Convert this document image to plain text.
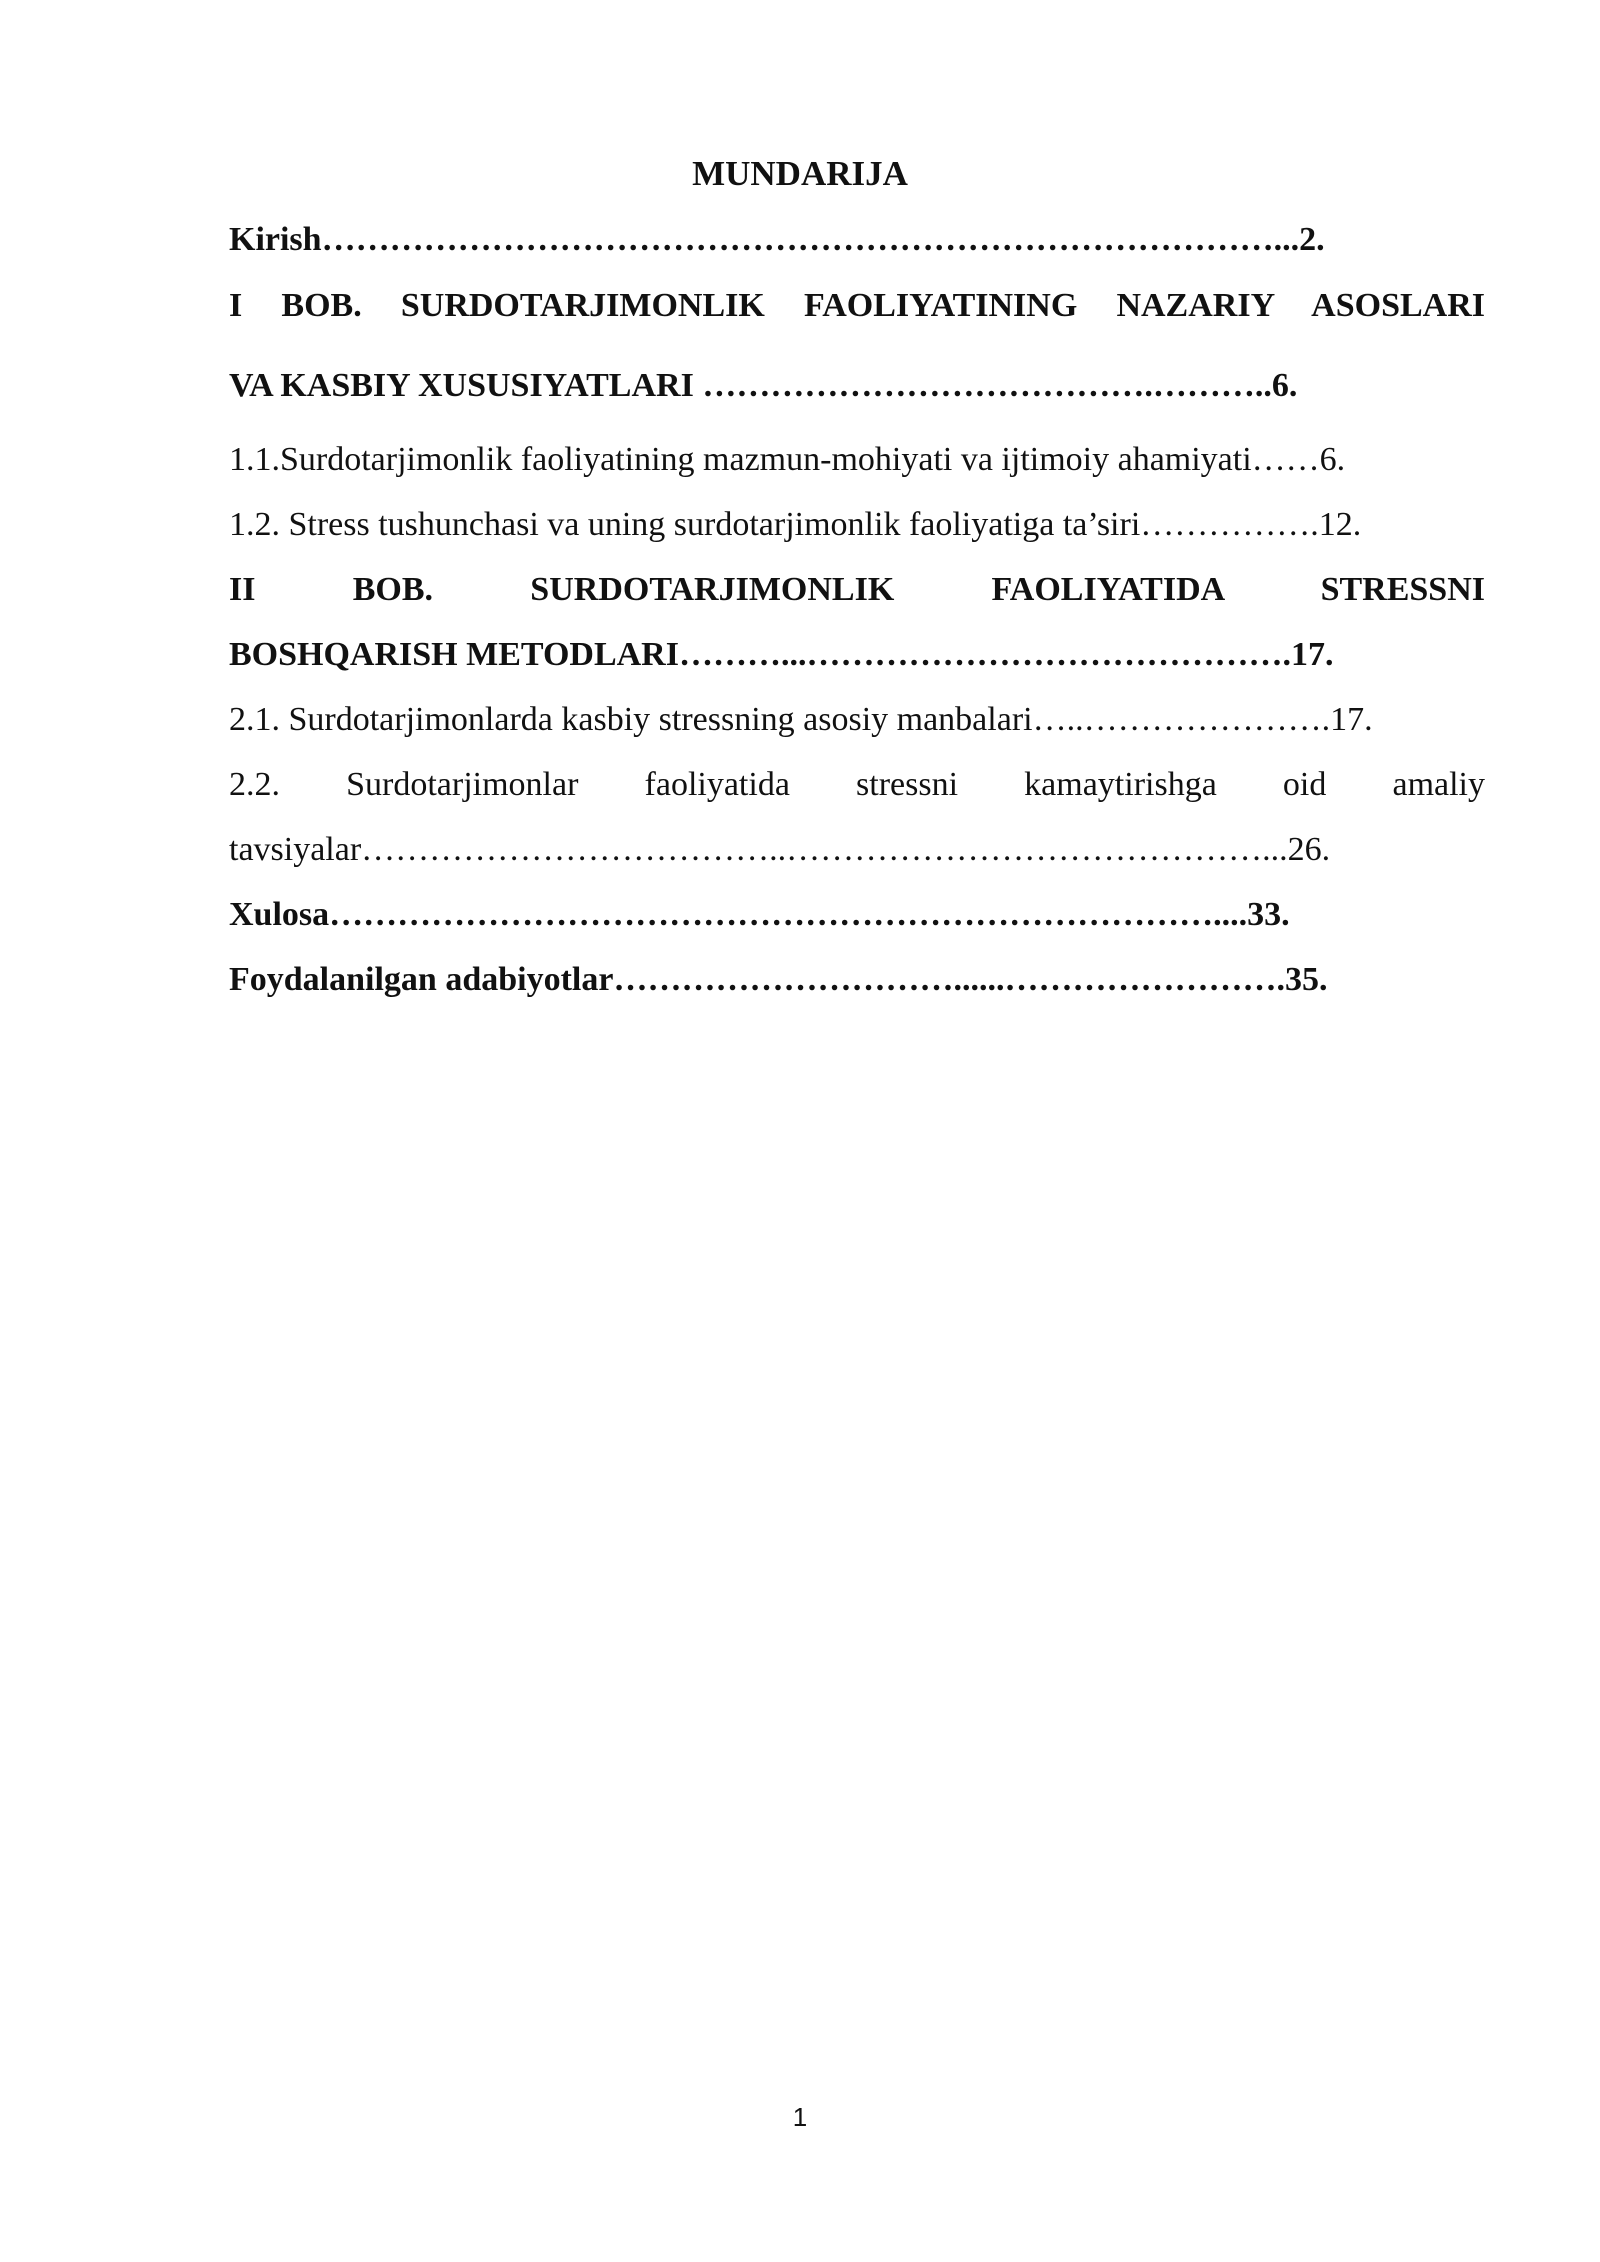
MUNDARIJA
Kirish…………………………………………………………………………...2.
I BOB. SURDOTARJIMONLIK FAOLIYATINING NAZARIY ASOSLARI
VA KASBIY XUSUSIYATLARI ………………………………….………..6.
1.1.Surdotarjimonlik faoliyatining mazmun-mohiyati va ijtimoiy ahamiyati……6.
1.2. Stress tushunchasi va uning surdotarjimonlik faoliyatiga ta’siri…………….12.
II BOB. SURDOTARJIMONLIK FAOLIYATIDA STRESSNI
BOSHQARISH METODLARI………...…………………………………….17.
2.1. Surdotarjimonlarda kasbiy stressning asosiy manbalari…..………………….17.
2.2. Surdotarjimonlar faoliyatida stressni kamaytirishga oid amaliy
tavsiyalar………………………………..……………………………………...26.
Xulosa……………………………………………………………………....33.
Foydalanilgan adabiyotlar…………………………......…………………….35.
1
